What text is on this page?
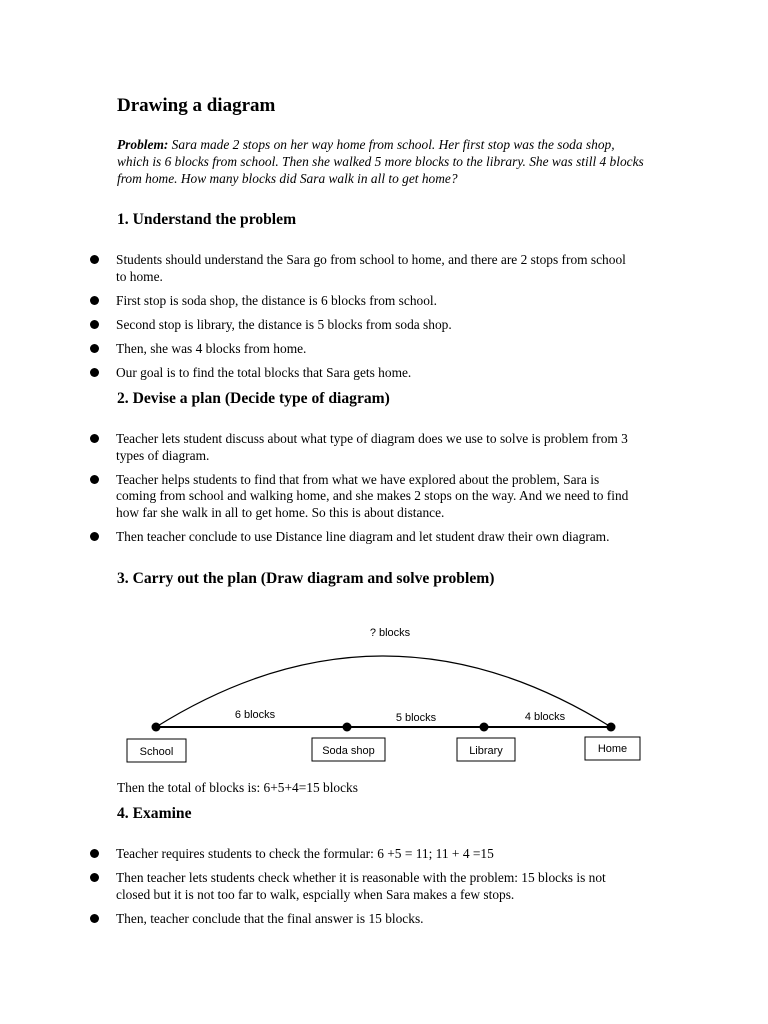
Drawing a diagram

Problem: Sara made 2 stops on her way home from school. Her first stop was the soda shop, which is 6 blocks from school. Then she walked 5 more blocks to the library. She was still 4 blocks from home. How many blocks did Sara walk in all to get home?

1. Understand the problem
Students should understand the Sara go from school to home, and there are 2 stops from school to home.
First stop is soda shop, the distance is 6 blocks from school.
Second stop is library, the distance is 5 blocks from soda shop.
Then, she was 4 blocks from home.
Our goal is to find the total blocks that Sara gets home.
2. Devise a plan (Decide type of diagram)
Teacher lets student discuss about what type of diagram does we use to solve is problem from 3 types of diagram.
Teacher helps students to find that from what we have explored about the problem, Sara is coming from school and walking home, and she makes 2 stops on the way. And we need to find how far she walk in all to get home. So this is about distance.
Then teacher conclude to use Distance line diagram and let student draw their own diagram.
3. Carry out the plan (Draw diagram and solve problem)
? blocks
6 blocks	5 blocks	4 blocks
School	Soda shop	Library	Home

Then the total of blocks is: 6+5+4=15 blocks

4. Examine
Teacher requires students to check the formular: 6 +5 = 11; 11 + 4 =15
Then teacher lets students check whether it is reasonable with the problem: 15 blocks is not closed but it is not too far to walk, espcially when Sara makes a few stops.
Then, teacher conclude that the final answer is 15 blocks.
